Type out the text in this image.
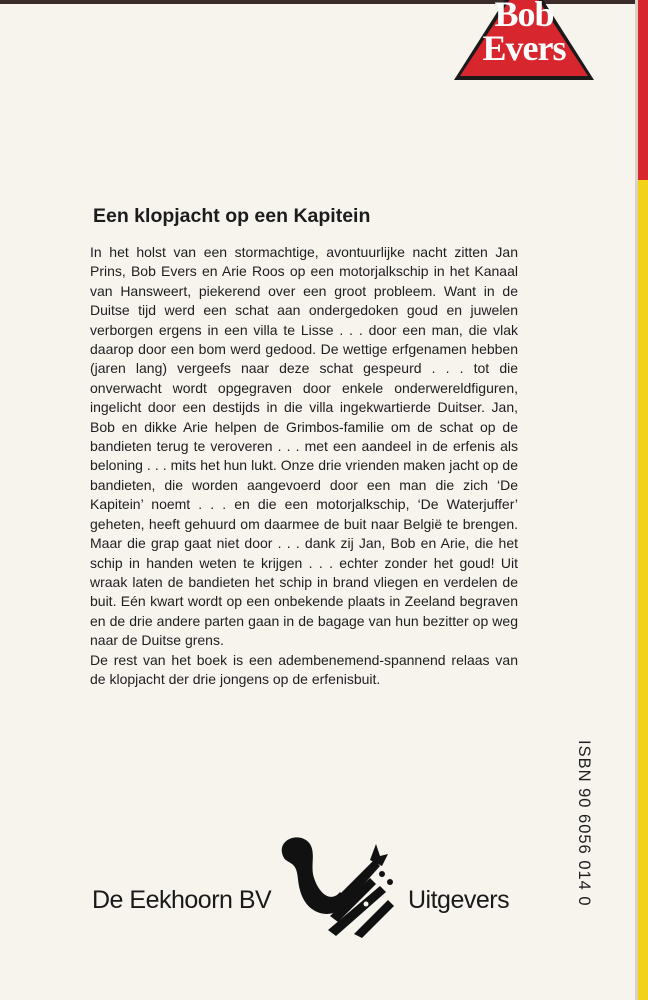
Bob
Evers
Een klopjacht op een Kapitein

In het holst van een stormachtige, avontuurlijke nacht zitten Jan Prins, Bob Evers en Arie Roos op een motorjalkschip in het Kanaal van Hansweert, piekerend over een groot probleem. Want in de Duitse tijd werd een schat aan ondergedoken goud en juwelen verborgen ergens in een villa te Lisse . . . door een man, die vlak daarop door een bom werd gedood. De wettige erfgenamen hebben (jaren lang) vergeefs naar deze schat gespeurd . . . tot die onverwacht wordt opgegraven door enkele onderwereldfiguren, ingelicht door een destijds in die villa ingekwartierde Duitser. Jan, Bob en dikke Arie helpen de Grimbos-familie om de schat op de bandieten terug te veroveren . . . met een aandeel in de erfenis als beloning . . . mits het hun lukt. Onze drie vrienden maken jacht op de bandieten, die worden aangevoerd door een man die zich ‘De Kapitein’ noemt . . . en die een motorjalkschip, ‘De Waterjuffer’ geheten, heeft gehuurd om daarmee de buit naar België te brengen. Maar die grap gaat niet door . . . dank zij Jan, Bob en Arie, die het schip in handen weten te krijgen . . . echter zonder het goud! Uit wraak laten de bandieten het schip in brand vliegen en verdelen de buit. Eén kwart wordt op een onbekende plaats in Zeeland begraven en de drie andere parten gaan in de bagage van hun bezitter op weg naar de Duitse grens.

De rest van het boek is een adembenemend-spannend relaas van de klopjacht der drie jongens op de erfenisbuit.

ISBN 90 6056 014 0
De Eekhoorn BV	Uitgevers
